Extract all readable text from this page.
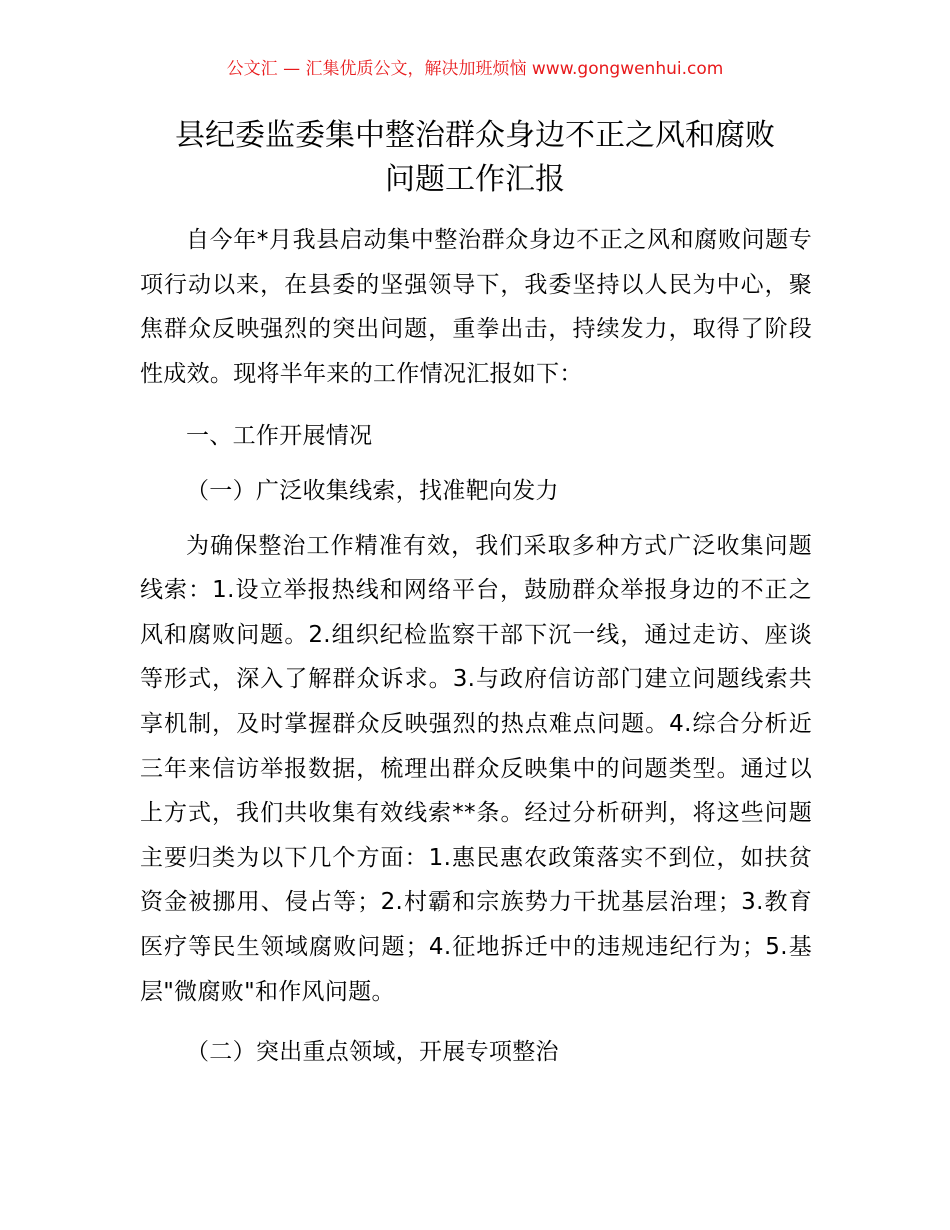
公文汇 — 汇集优质公文，解决加班烦恼 www.gongwenhui.com
县纪委监委集中整治群众身边不正之风和腐败
问题工作汇报

自今年*月我县启动集中整治群众身边不正之风和腐败问题专项行动以来，在县委的坚强领导下，我委坚持以人民为中心，聚焦群众反映强烈的突出问题，重拳出击，持续发力，取得了阶段性成效。现将半年来的工作情况汇报如下：

一、工作开展情况

（一）广泛收集线索，找准靶向发力

为确保整治工作精准有效，我们采取多种方式广泛收集问题线索：1.设立举报热线和网络平台，鼓励群众举报身边的不正之风和腐败问题。2.组织纪检监察干部下沉一线，通过走访、座谈等形式，深入了解群众诉求。3.与政府信访部门建立问题线索共享机制，及时掌握群众反映强烈的热点难点问题。4.综合分析近三年来信访举报数据，梳理出群众反映集中的问题类型。通过以上方式，我们共收集有效线索**条。经过分析研判，将这些问题主要归类为以下几个方面：1.惠民惠农政策落实不到位，如扶贫资金被挪用、侵占等；2.村霸和宗族势力干扰基层治理；3.教育医疗等民生领域腐败问题；4.征地拆迁中的违规违纪行为；5.基层"微腐败"和作风问题。

（二）突出重点领域，开展专项整治
